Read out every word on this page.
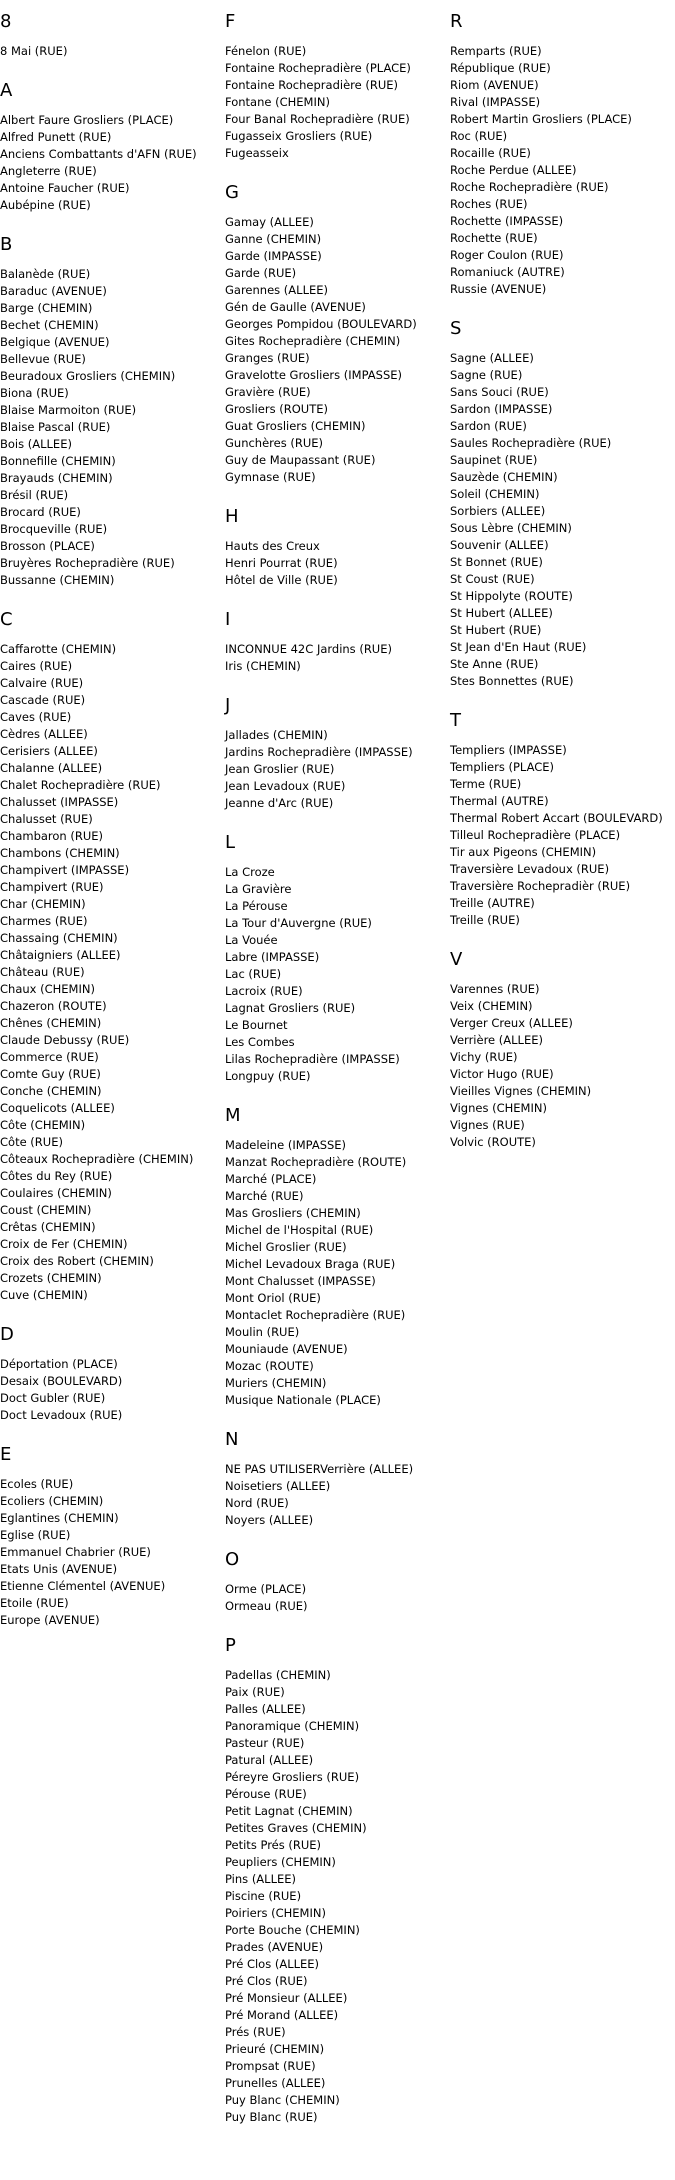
8
8 Mai (RUE)
A
Albert Faure Grosliers (PLACE)
Alfred Punett (RUE)
Anciens Combattants d'AFN (RUE)
Angleterre (RUE)
Antoine Faucher (RUE)
Aubépine (RUE)
B
Balanède (RUE)
Baraduc (AVENUE)
Barge (CHEMIN)
Bechet (CHEMIN)
Belgique (AVENUE)
Bellevue (RUE)
Beuradoux Grosliers (CHEMIN)
Biona (RUE)
Blaise Marmoiton (RUE)
Blaise Pascal (RUE)
Bois (ALLEE)
Bonnefille (CHEMIN)
Brayauds (CHEMIN)
Brésil (RUE)
Brocard (RUE)
Brocqueville (RUE)
Brosson (PLACE)
Bruyères Rochepradière (RUE)
Bussanne (CHEMIN)
C
Caffarotte (CHEMIN)
Caires (RUE)
Calvaire (RUE)
Cascade (RUE)
Caves (RUE)
Cèdres (ALLEE)
Cerisiers (ALLEE)
Chalanne (ALLEE)
Chalet Rochepradière (RUE)
Chalusset (IMPASSE)
Chalusset (RUE)
Chambaron (RUE)
Chambons (CHEMIN)
Champivert (IMPASSE)
Champivert (RUE)
Char (CHEMIN)
Charmes (RUE)
Chassaing (CHEMIN)
Châtaigniers (ALLEE)
Château (RUE)
Chaux (CHEMIN)
Chazeron (ROUTE)
Chênes (CHEMIN)
Claude Debussy (RUE)
Commerce (RUE)
Comte Guy (RUE)
Conche (CHEMIN)
Coquelicots (ALLEE)
Côte (CHEMIN)
Côte (RUE)
Côteaux Rochepradière (CHEMIN)
Côtes du Rey (RUE)
Coulaires (CHEMIN)
Coust (CHEMIN)
Crêtas (CHEMIN)
Croix de Fer (CHEMIN)
Croix des Robert (CHEMIN)
Crozets (CHEMIN)
Cuve (CHEMIN)
D
Déportation (PLACE)
Desaix (BOULEVARD)
Doct Gubler (RUE)
Doct Levadoux (RUE)
E
Ecoles (RUE)
Ecoliers (CHEMIN)
Eglantines (CHEMIN)
Eglise (RUE)
Emmanuel Chabrier (RUE)
Etats Unis (AVENUE)
Etienne Clémentel (AVENUE)
Etoile (RUE)
Europe (AVENUE)
F
Fénelon (RUE)
Fontaine Rochepradière (PLACE)
Fontaine Rochepradière (RUE)
Fontane (CHEMIN)
Four Banal Rochepradière (RUE)
Fugasseix Grosliers (RUE)
Fugeasseix
G
Gamay (ALLEE)
Ganne (CHEMIN)
Garde (IMPASSE)
Garde (RUE)
Garennes (ALLEE)
Gén de Gaulle (AVENUE)
Georges Pompidou (BOULEVARD)
Gites Rochepradière (CHEMIN)
Granges (RUE)
Gravelotte Grosliers (IMPASSE)
Gravière (RUE)
Grosliers (ROUTE)
Guat Grosliers (CHEMIN)
Gunchères (RUE)
Guy de Maupassant (RUE)
Gymnase (RUE)
H
Hauts des Creux
Henri Pourrat (RUE)
Hôtel de Ville (RUE)
I
INCONNUE 42C Jardins (RUE)
Iris (CHEMIN)
J
Jallades (CHEMIN)
Jardins Rochepradière (IMPASSE)
Jean Groslier (RUE)
Jean Levadoux (RUE)
Jeanne d'Arc (RUE)
L
La Croze
La Gravière
La Pérouse
La Tour d'Auvergne (RUE)
La Vouée
Labre (IMPASSE)
Lac (RUE)
Lacroix (RUE)
Lagnat Grosliers (RUE)
Le Bournet
Les Combes
Lilas Rochepradière (IMPASSE)
Longpuy (RUE)
M
Madeleine (IMPASSE)
Manzat Rochepradière (ROUTE)
Marché (PLACE)
Marché (RUE)
Mas Grosliers (CHEMIN)
Michel de l'Hospital (RUE)
Michel Groslier (RUE)
Michel Levadoux Braga (RUE)
Mont Chalusset (IMPASSE)
Mont Oriol (RUE)
Montaclet Rochepradière (RUE)
Moulin (RUE)
Mouniaude (AVENUE)
Mozac (ROUTE)
Muriers (CHEMIN)
Musique Nationale (PLACE)
N
NE PAS UTILISERVerrière (ALLEE)
Noisetiers (ALLEE)
Nord (RUE)
Noyers (ALLEE)
O
Orme (PLACE)
Ormeau (RUE)
P
Padellas (CHEMIN)
Paix (RUE)
Palles (ALLEE)
Panoramique (CHEMIN)
Pasteur (RUE)
Patural (ALLEE)
Péreyre Grosliers (RUE)
Pérouse (RUE)
Petit Lagnat (CHEMIN)
Petites Graves (CHEMIN)
Petits Prés (RUE)
Peupliers (CHEMIN)
Pins (ALLEE)
Piscine (RUE)
Poiriers (CHEMIN)
Porte Bouche (CHEMIN)
Prades (AVENUE)
Pré Clos (ALLEE)
Pré Clos (RUE)
Pré Monsieur (ALLEE)
Pré Morand (ALLEE)
Prés (RUE)
Prieuré (CHEMIN)
Prompsat (RUE)
Prunelles (ALLEE)
Puy Blanc (CHEMIN)
Puy Blanc (RUE)
R
Remparts (RUE)
République (RUE)
Riom (AVENUE)
Rival (IMPASSE)
Robert Martin Grosliers (PLACE)
Roc (RUE)
Rocaille (RUE)
Roche Perdue (ALLEE)
Roche Rochepradière (RUE)
Roches (RUE)
Rochette (IMPASSE)
Rochette (RUE)
Roger Coulon (RUE)
Romaniuck (AUTRE)
Russie (AVENUE)
S
Sagne (ALLEE)
Sagne (RUE)
Sans Souci (RUE)
Sardon (IMPASSE)
Sardon (RUE)
Saules Rochepradière (RUE)
Saupinet (RUE)
Sauzède (CHEMIN)
Soleil (CHEMIN)
Sorbiers (ALLEE)
Sous Lèbre (CHEMIN)
Souvenir (ALLEE)
St Bonnet (RUE)
St Coust (RUE)
St Hippolyte (ROUTE)
St Hubert (ALLEE)
St Hubert (RUE)
St Jean d'En Haut (RUE)
Ste Anne (RUE)
Stes Bonnettes (RUE)
T
Templiers (IMPASSE)
Templiers (PLACE)
Terme (RUE)
Thermal (AUTRE)
Thermal Robert Accart (BOULEVARD)
Tilleul Rochepradière (PLACE)
Tir aux Pigeons (CHEMIN)
Traversière Levadoux (RUE)
Traversière Rochepradièr (RUE)
Treille (AUTRE)
Treille (RUE)
V
Varennes (RUE)
Veix (CHEMIN)
Verger Creux (ALLEE)
Verrière (ALLEE)
Vichy (RUE)
Victor Hugo (RUE)
Vieilles Vignes (CHEMIN)
Vignes (CHEMIN)
Vignes (RUE)
Volvic (ROUTE)
